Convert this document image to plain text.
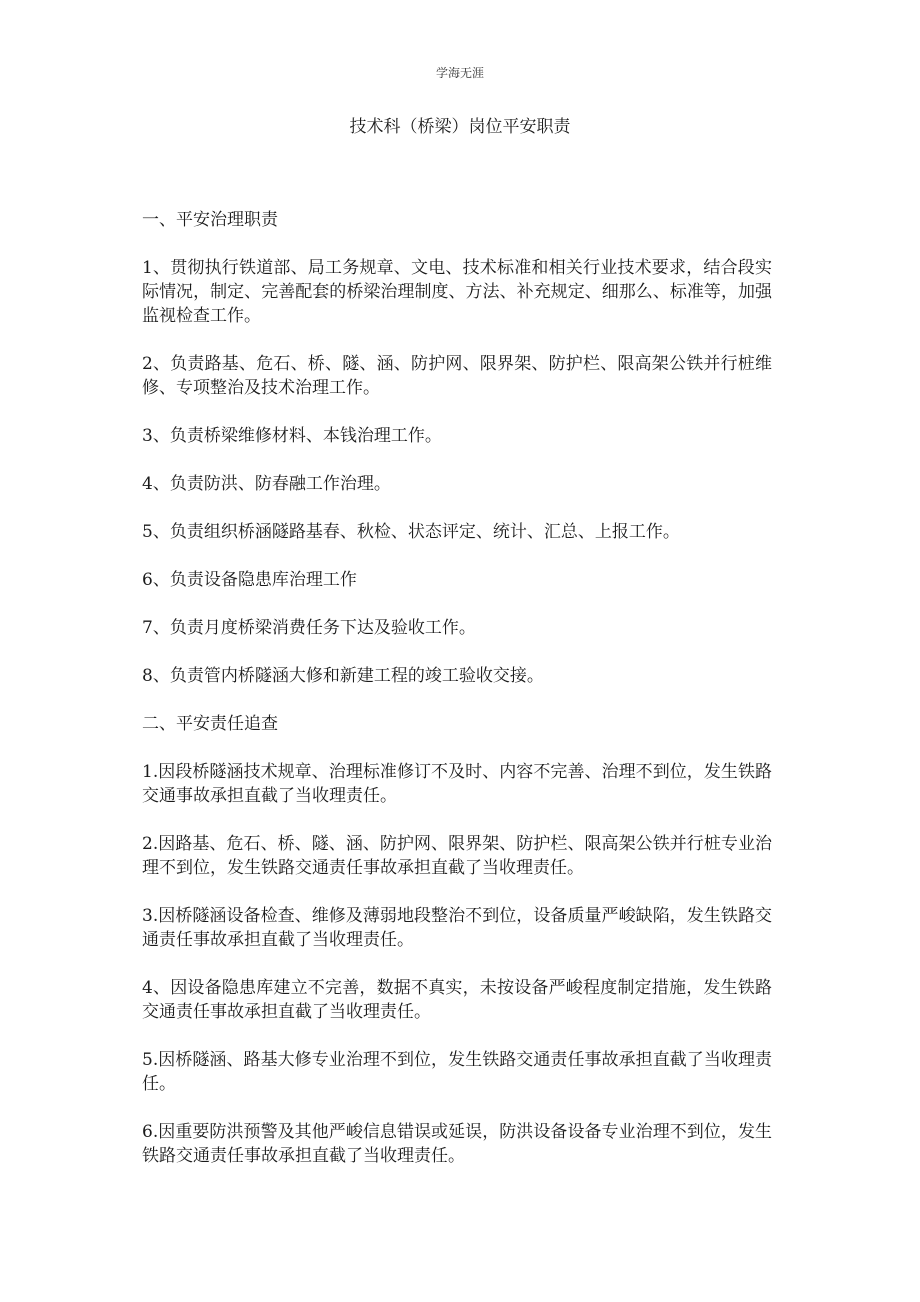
学海无涯
技术科（桥梁）岗位平安职责

一、平安治理职责

1、贯彻执行铁道部、局工务规章、文电、技术标准和相关行业技术要求，结合段实际情况，制定、完善配套的桥梁治理制度、方法、补充规定、细那么、标准等，加强监视检查工作。

2、负责路基、危石、桥、隧、涵、防护网、限界架、防护栏、限高架公铁并行桩维修、专项整治及技术治理工作。

3、负责桥梁维修材料、本钱治理工作。

4、负责防洪、防春融工作治理。

5、负责组织桥涵隧路基春、秋检、状态评定、统计、汇总、上报工作。

6、负责设备隐患库治理工作

7、负责月度桥梁消费任务下达及验收工作。

8、负责管内桥隧涵大修和新建工程的竣工验收交接。

二、平安责任追查

1.因段桥隧涵技术规章、治理标准修订不及时、内容不完善、治理不到位，发生铁路交通事故承担直截了当收理责任。

2.因路基、危石、桥、隧、涵、防护网、限界架、防护栏、限高架公铁并行桩专业治理不到位，发生铁路交通责任事故承担直截了当收理责任。

3.因桥隧涵设备检查、维修及薄弱地段整治不到位，设备质量严峻缺陷，发生铁路交通责任事故承担直截了当收理责任。

4、因设备隐患库建立不完善，数据不真实，未按设备严峻程度制定措施，发生铁路交通责任事故承担直截了当收理责任。

5.因桥隧涵、路基大修专业治理不到位，发生铁路交通责任事故承担直截了当收理责任。

6.因重要防洪预警及其他严峻信息错误或延误，防洪设备设备专业治理不到位，发生铁路交通责任事故承担直截了当收理责任。
